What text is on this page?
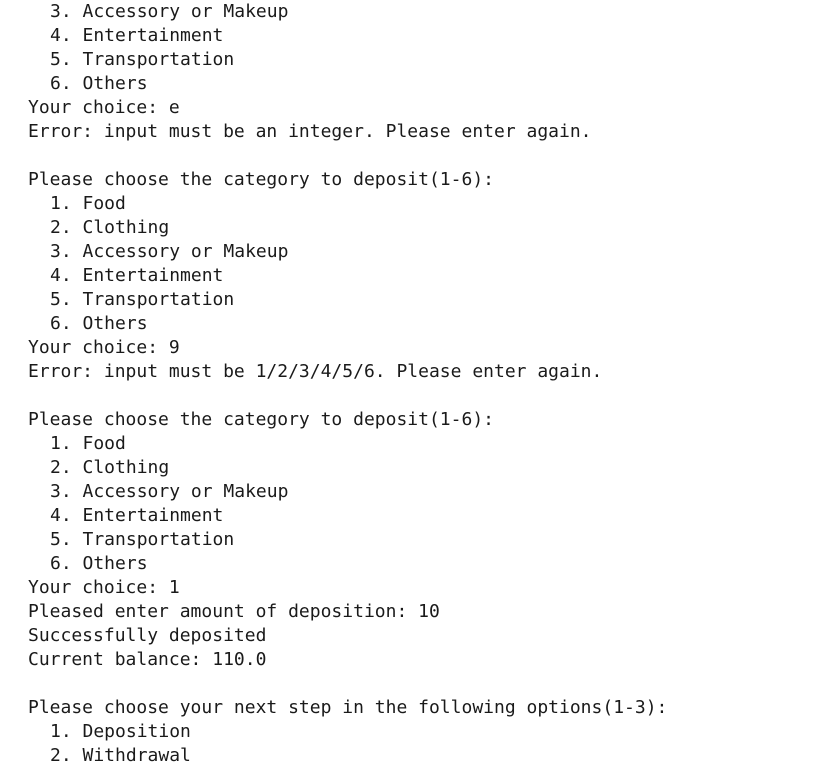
3. Accessory or Makeup
4. Entertainment
5. Transportation
6. Others
Your choice: e
Error: input must be an integer. Please enter again.
Please choose the category to deposit(1-6):
1. Food
2. Clothing
3. Accessory or Makeup
4. Entertainment
5. Transportation
6. Others
Your choice: 9
Error: input must be 1/2/3/4/5/6. Please enter again.
Please choose the category to deposit(1-6):
1. Food
2. Clothing
3. Accessory or Makeup
4. Entertainment
5. Transportation
6. Others
Your choice: 1
Pleased enter amount of deposition: 10
Successfully deposited
Current balance: 110.0
Please choose your next step in the following options(1-3):
1. Deposition
2. Withdrawal
